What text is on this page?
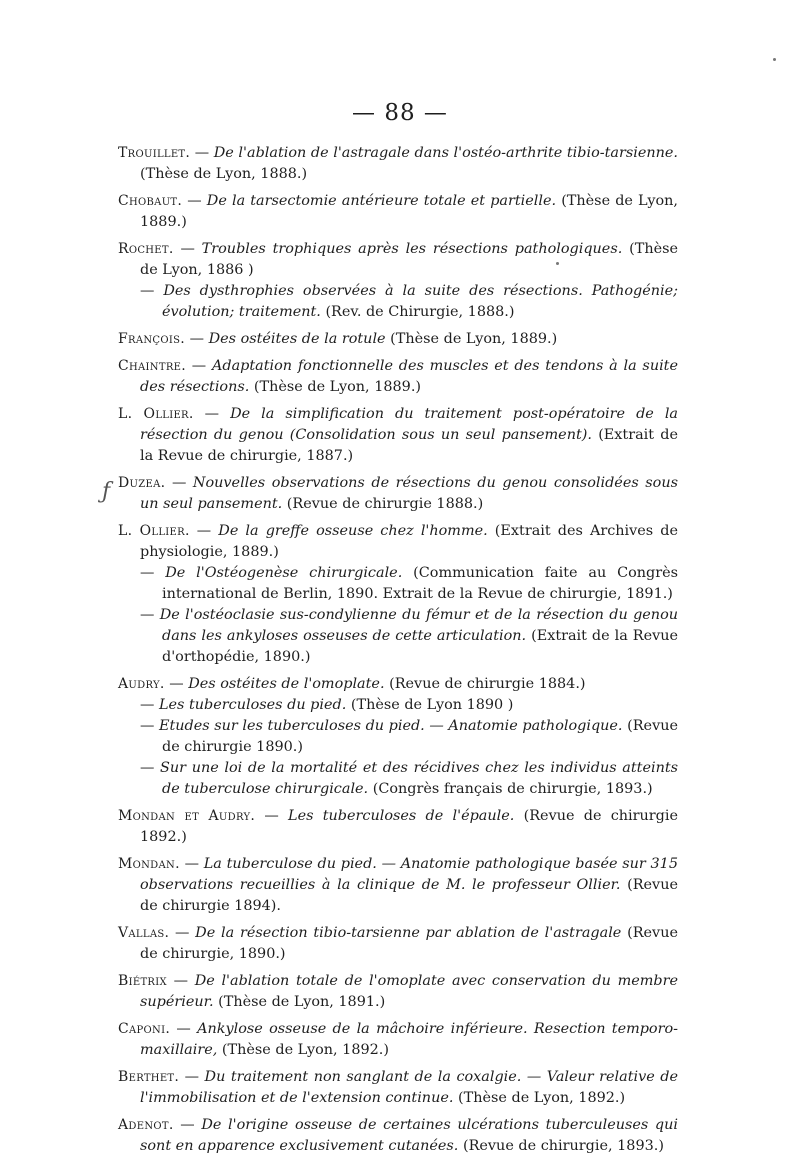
— 88 —
ƒ
Trouillet. — De l'ablation de l'astragale dans l'ostéo-arthrite tibio-tarsienne. (Thèse de Lyon, 1888.)
Chobaut. — De la tarsectomie antérieure totale et partielle. (Thèse de Lyon, 1889.)
Rochet. — Troubles trophiques après les résections pathologiques. (Thèse de Lyon, 1886 )
— Des dysthrophies observées à la suite des résections. Pathogénie; évolution; traitement. (Rev. de Chirurgie, 1888.)
François. — Des ostéites de la rotule (Thèse de Lyon, 1889.)
Chaintre. — Adaptation fonctionnelle des muscles et des tendons à la suite des résections. (Thèse de Lyon, 1889.)
L. Ollier. — De la simplification du traitement post-opératoire de la résection du genou (Consolidation sous un seul pansement). (Extrait de la Revue de chirurgie, 1887.)
Duzea. — Nouvelles observations de résections du genou consolidées sous un seul pansement. (Revue de chirurgie 1888.)
L. Ollier. — De la greffe osseuse chez l'homme. (Extrait des Archives de physiologie, 1889.)
— De l'Ostéogenèse chirurgicale. (Communication faite au Congrès international de Berlin, 1890. Extrait de la Revue de chirurgie, 1891.)
— De l'ostéoclasie sus-condylienne du fémur et de la résection du genou dans les ankyloses osseuses de cette articulation. (Extrait de la Revue d'orthopédie, 1890.)
Audry. — Des ostéites de l'omoplate. (Revue de chirurgie 1884.)
— Les tuberculoses du pied. (Thèse de Lyon 1890 )
— Etudes sur les tuberculoses du pied. — Anatomie pathologique. (Revue de chirurgie 1890.)
— Sur une loi de la mortalité et des récidives chez les individus atteints de tuberculose chirurgicale. (Congrès français de chirurgie, 1893.)
Mondan et Audry. — Les tuberculoses de l'épaule. (Revue de chirurgie 1892.)
Mondan. — La tuberculose du pied. — Anatomie pathologique basée sur 315 observations recueillies à la clinique de M. le professeur Ollier. (Revue de chirurgie 1894).
Vallas. — De la résection tibio-tarsienne par ablation de l'astragale (Revue de chirurgie, 1890.)
Biétrix — De l'ablation totale de l'omoplate avec conservation du membre supérieur. (Thèse de Lyon, 1891.)
Caponi. — Ankylose osseuse de la mâchoire inférieure. Resection temporo-maxillaire, (Thèse de Lyon, 1892.)
Berthet. — Du traitement non sanglant de la coxalgie. — Valeur relative de l'immobilisation et de l'extension continue. (Thèse de Lyon, 1892.)
Adenot. — De l'origine osseuse de certaines ulcérations tuberculeuses qui sont en apparence exclusivement cutanées. (Revue de chirurgie, 1893.)
